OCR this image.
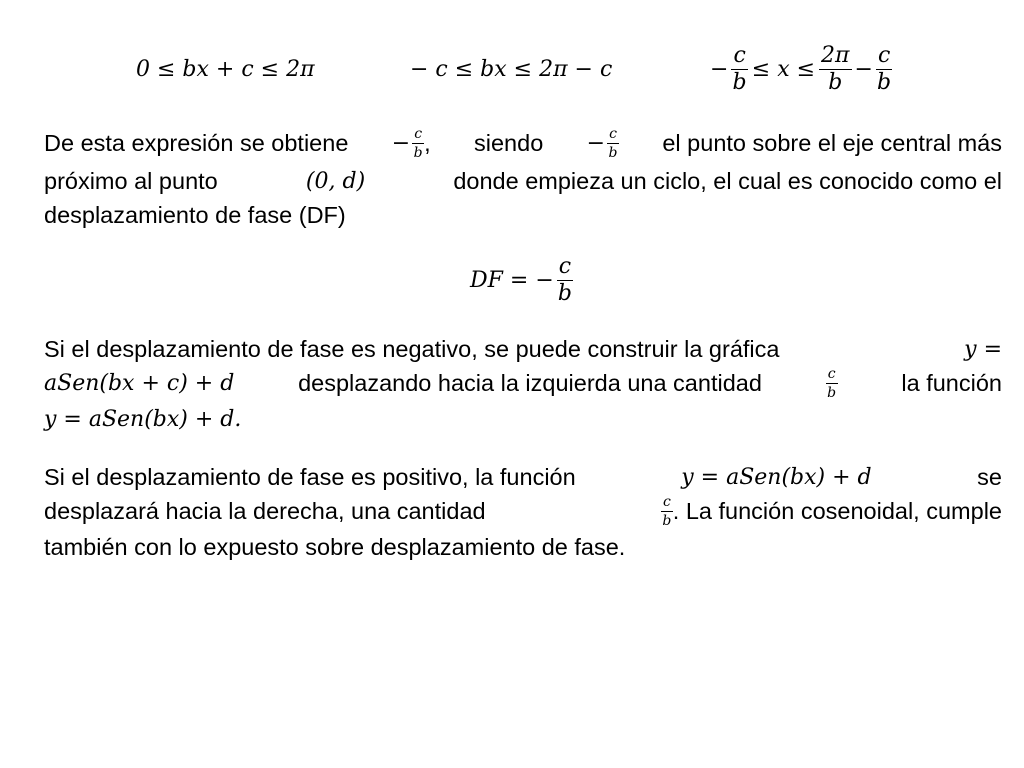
0 ≤ bx + c ≤ 2π	− c ≤ bx ≤ 2π − c	− $\frac{c}{b} \le x \le \frac{2\pi}{b} - \frac{c}{b}$
De esta expresión se obtiene − $\frac{c}{b}$ , siendo − $\frac{c}{b}$ el punto sobre el eje central más
próximo al punto	(0, d)	donde empieza un ciclo, el cual es conocido como el
desplazamiento de fase (DF)
DF = − $\frac{c}{b}$
Si el desplazamiento de fase es negativo, se puede construir la gráfica	y =
aSen(bx + c) + d	desplazando hacia la izquierda una cantidad	$\frac{c}{b}$	la función
y = aSen(bx) + d.
Si el desplazamiento de fase es positivo, la función	y = aSen(bx) + d	se
desplazará hacia la derecha, una cantidad	$\frac{c}{b}$ . La función cosenoidal, cumple
también con lo expuesto sobre desplazamiento de fase.
